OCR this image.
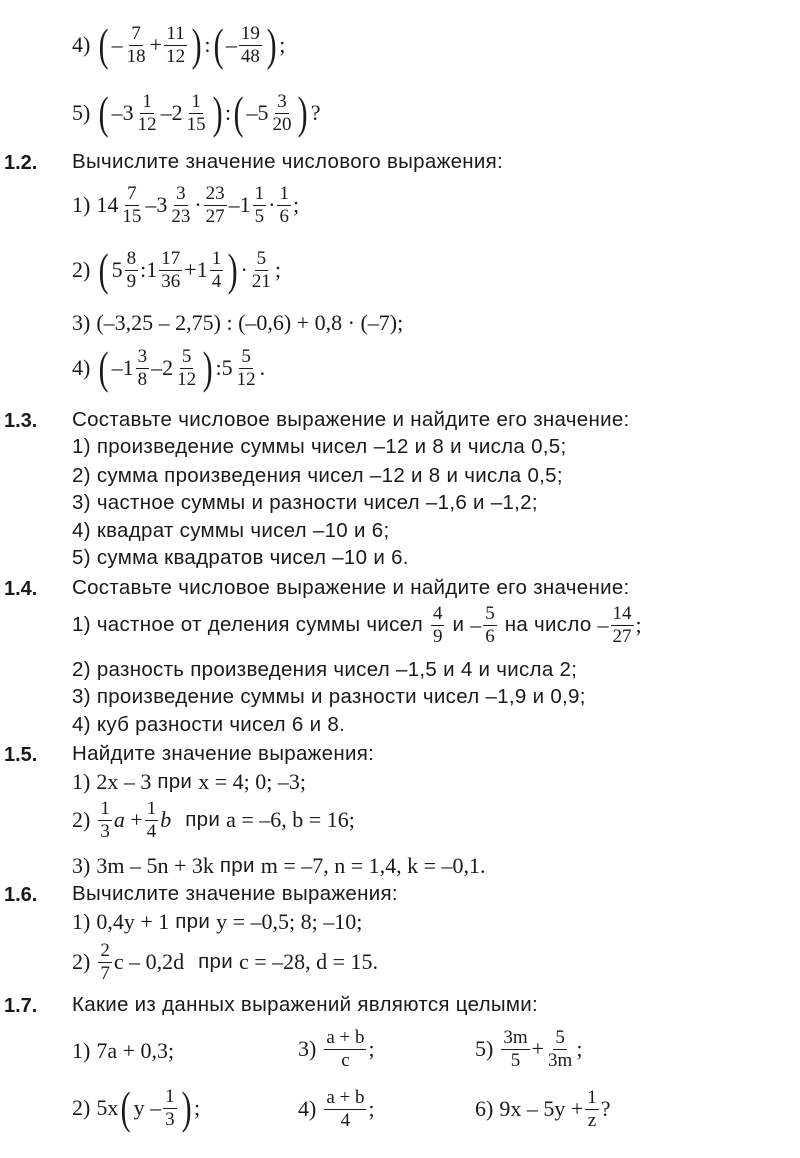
4) ( – $\frac{7}{18} + \frac{11}{12}$ ) : ( – $\frac{19}{48}$ ) ;
5) ( – $3 \frac{1}{12} - 2 \frac{1}{15}$ ) : ( – $5 \frac{3}{20}$ ) ?
1.2. Вычислите значение числового выражения:
1) $14 \frac{7}{15} - 3 \frac{3}{23} \cdot \frac{23}{27} - 1 \frac{1}{5} \cdot \frac{1}{6}$ ;
2) ( $5 \frac{8}{9}$ : $1 \frac{17}{36} + 1 \frac{1}{4}$ ) · $\frac{5}{21}$ ;
3) (–3,25 – 2,75) : (–0,6) + 0,8 · (–7);
4) ( – $1 \frac{3}{8} - 2 \frac{5}{12}$ ) : $5 \frac{5}{12}$ .
1.3. Составьте числовое выражение и найдите его значение:
1) произведение суммы чисел –12 и 8 и числа 0,5;
2) сумма произведения чисел –12 и 8 и числа 0,5;
3) частное суммы и разности чисел –1,6 и –1,2;
4) квадрат суммы чисел –10 и 6;
5) сумма квадратов чисел –10 и 6.
1.4. Составьте числовое выражение и найдите его значение:
1) частное от деления суммы чисел $\frac{4}{9}$ и – $\frac{5}{6}$ на число – $\frac{14}{27}$ ;
2) разность произведения чисел –1,5 и 4 и числа 2;
3) произведение суммы и разности чисел –1,9 и 0,9;
4) куб разности чисел 6 и 8.
1.5. Найдите значение выражения:
1) 2x – 3 при x = 4; 0; –3;
$2) \frac{1}{3}$ $a + \frac{1}{4}$ b при a = –6, b = 16;
3) 3m – 5n + 3k при m = –7, n = 1,4, k = –0,1.
1.6. Вычислите значение выражения:
1) 0,4y + 1 при y = –0,5; 8; –10;
$2) \frac{2}{7}$ c – 0,2d при c = –28, d = 15.
1.7. Какие из данных выражений являются целыми:
1) 7a + 0,3;	$3) \frac{a + b}{c}$ ;	$5) \frac{3m}{5} + \frac{5}{3m}$ ;
2) 5x ( y – $\frac{1}{3}$ ) ;	$4) \frac{a + b}{4}$ ;	6) $9x - 5y + \frac{1}{z}$ ?
